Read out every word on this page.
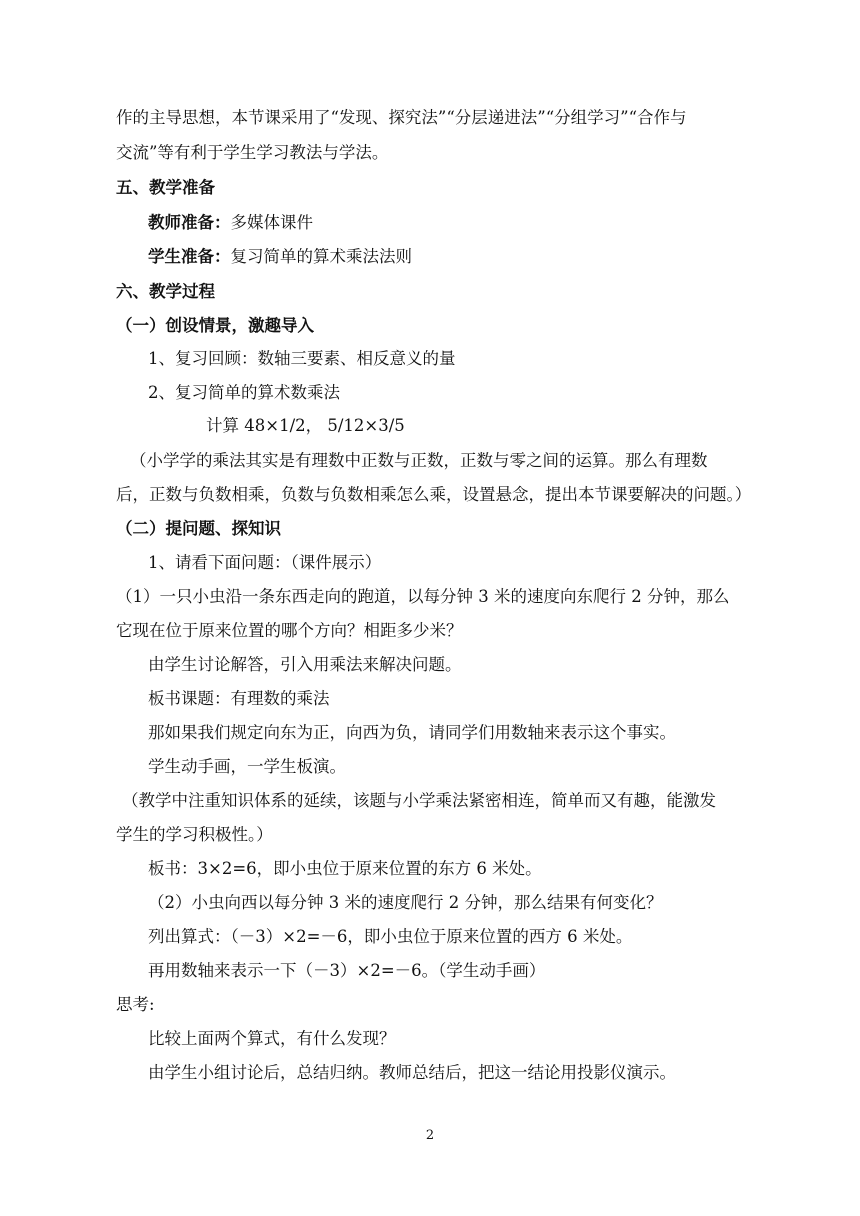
作的主导思想，本节课采用了“发现、探究法”“分层递进法”“分组学习”“合作与
交流”等有利于学生学习教法与学法。
五、教学准备
教师准备：多媒体课件
学生准备：复习简单的算术乘法法则
六、教学过程
（一）创设情景，激趣导入
1、复习回顾：数轴三要素、相反意义的量
2、复习简单的算术数乘法
计算 48×1/2， 5/12×3/5
（小学学的乘法其实是有理数中正数与正数，正数与零之间的运算。那么有理数
后，正数与负数相乘，负数与负数相乘怎么乘，设置悬念，提出本节课要解决的问题。）
（二）提问题、探知识
1、请看下面问题：（课件展示）
（1）一只小虫沿一条东西走向的跑道，以每分钟 3 米的速度向东爬行 2 分钟，那么
它现在位于原来位置的哪个方向？相距多少米？
由学生讨论解答，引入用乘法来解决问题。
板书课题：有理数的乘法
那如果我们规定向东为正，向西为负，请同学们用数轴来表示这个事实。
学生动手画，一学生板演。
（教学中注重知识体系的延续，该题与小学乘法紧密相连，简单而又有趣，能激发
学生的学习积极性。）
板书：3×2=6，即小虫位于原来位置的东方 6 米处。
（2）小虫向西以每分钟 3 米的速度爬行 2 分钟，那么结果有何变化？
列出算式：（－3）×2=－6，即小虫位于原来位置的西方 6 米处。
再用数轴来表示一下（－3）×2=－6。（学生动手画）
思考:
比较上面两个算式，有什么发现？
由学生小组讨论后，总结归纳。教师总结后，把这一结论用投影仪演示。
2
